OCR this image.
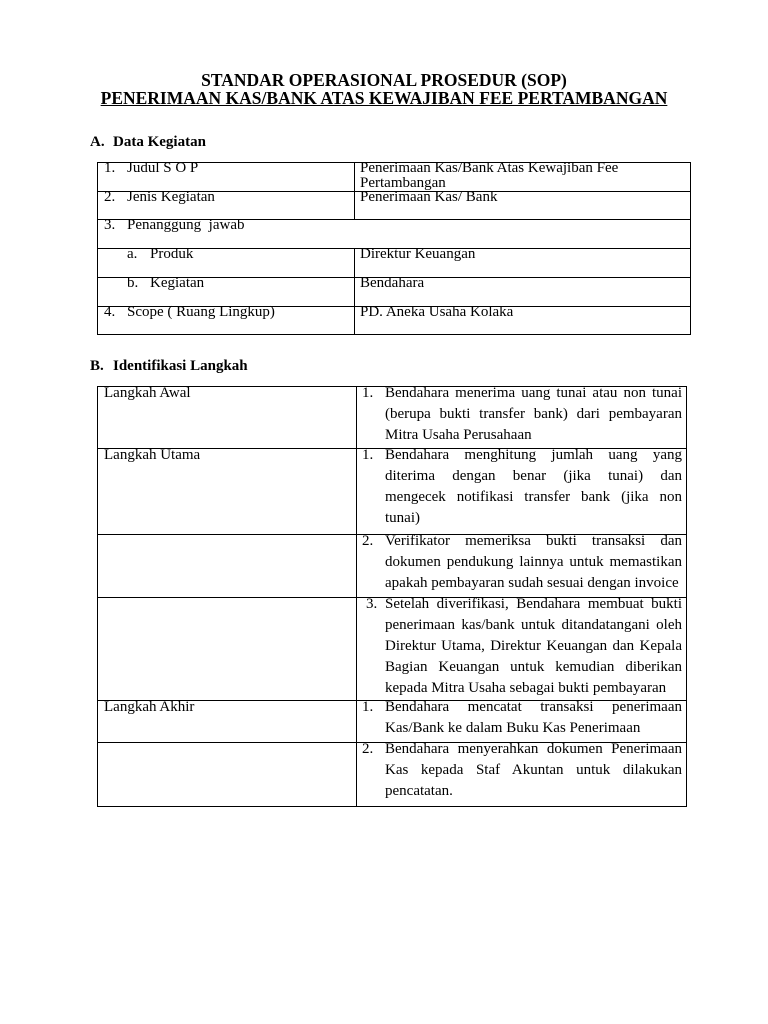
STANDAR OPERASIONAL PROSEDUR (SOP)
PENERIMAAN KAS/BANK ATAS KEWAJIBAN FEE PERTAMBANGAN
A. Data Kegiatan
1. Judul S O P	Penerimaan Kas/Bank Atas Kewajiban Fee Pertambangan
2. Jenis Kegiatan	Penerimaan Kas/ Bank
3. Penanggung  jawab
a. Produk	Direktur Keuangan
b. Kegiatan	Bendahara
4. Scope ( Ruang Lingkup)	PD. Aneka Usaha Kolaka
B. Identifikasi Langkah
Langkah Awal	1. Bendahara menerima uang tunai atau non tunai
(berupa bukti transfer bank) dari pembayaran
Mitra Usaha Perusahaan
Langkah Utama	1. Bendahara menghitung jumlah uang yang
diterima dengan benar (jika tunai) dan
mengecek notifikasi transfer bank (jika non
tunai)
2. Verifikator memeriksa bukti transaksi dan
dokumen pendukung lainnya untuk memastikan
apakah pembayaran sudah sesuai dengan invoice
3. Setelah diverifikasi, Bendahara membuat bukti
penerimaan kas/bank untuk ditandatangani oleh
Direktur Utama, Direktur Keuangan dan Kepala
Bagian Keuangan untuk kemudian diberikan
kepada Mitra Usaha sebagai bukti pembayaran
Langkah Akhir	1. Bendahara mencatat transaksi penerimaan
Kas/Bank ke dalam Buku Kas Penerimaan
2. Bendahara menyerahkan dokumen Penerimaan
Kas kepada Staf Akuntan untuk dilakukan
pencatatan.
